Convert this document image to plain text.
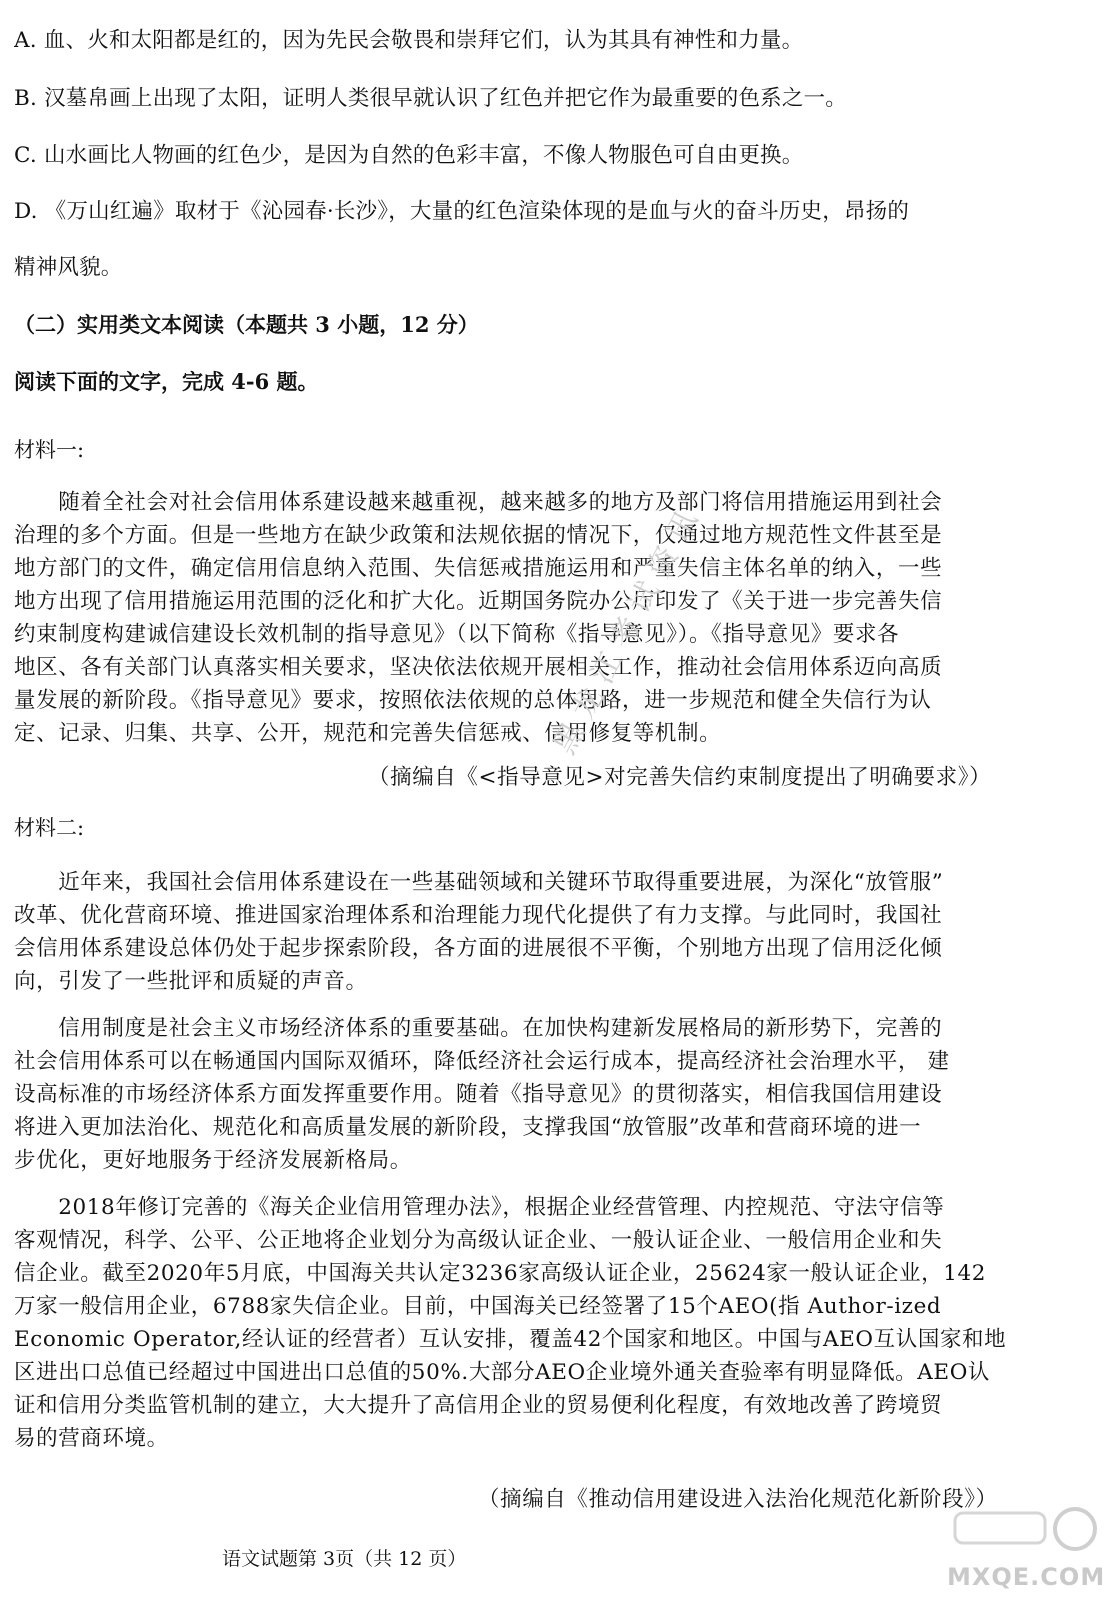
A. 血、火和太阳都是红的，因为先民会敬畏和崇拜它们，认为其具有神性和力量。
B. 汉墓帛画上出现了太阳，证明人类很早就认识了红色并把它作为最重要的色系之一。
C. 山水画比人物画的红色少，是因为自然的色彩丰富，不像人物服色可自由更换。
D. 《万山红遍》取材于《沁园春·长沙》，大量的红色渲染体现的是血与火的奋斗历史，昂扬的
精神风貌。
（二）实用类文本阅读（本题共 3 小题，12 分）
阅读下面的文字，完成 4-6 题。
材料一:
　　随着全社会对社会信用体系建设越来越重视，越来越多的地方及部门将信用措施运用到社会
治理的多个方面。但是一些地方在缺少政策和法规依据的情况下，仅通过地方规范性文件甚至是
地方部门的文件，确定信用信息纳入范围、失信惩戒措施运用和严重失信主体名单的纳入，一些
地方出现了信用措施运用范围的泛化和扩大化。近期国务院办公厅印发了《关于进一步完善失信
约束制度构建诚信建设长效机制的指导意见》（以下简称《指导意见》）。《指导意见》要求各
地区、各有关部门认真落实相关要求，坚决依法依规开展相关工作，推动社会信用体系迈向高质
量发展的新阶段。《指导意见》要求，按照依法依规的总体思路，进一步规范和健全失信行为认
定、记录、归集、共享、公开，规范和完善失信惩戒、信用修复等机制。
（摘编自《<指导意见>对完善失信约束制度提出了明确要求》）
材料二:
　　近年来，我国社会信用体系建设在一些基础领域和关键环节取得重要进展，为深化“放管服”
改革、优化营商环境、推进国家治理体系和治理能力现代化提供了有力支撑。与此同时，我国社
会信用体系建设总体仍处于起步探索阶段，各方面的进展很不平衡，个别地方出现了信用泛化倾
向，引发了一些批评和质疑的声音。
　　信用制度是社会主义市场经济体系的重要基础。在加快构建新发展格局的新形势下，完善的
社会信用体系可以在畅通国内国际双循环，降低经济社会运行成本，提高经济社会治理水平， 建
设高标准的市场经济体系方面发挥重要作用。随着《指导意见》的贯彻落实，相信我国信用建设
将进入更加法治化、规范化和高质量发展的新阶段，支撑我国“放管服”改革和营商环境的进一
步优化，更好地服务于经济发展新格局。
　　2018年修订完善的《海关企业信用管理办法》，根据企业经营管理、内控规范、守法守信等
客观情况，科学、公平、公正地将企业划分为高级认证企业、一般认证企业、一般信用企业和失
信企业。截至2020年5月底，中国海关共认定3236家高级认证企业，25624家一般认证企业，142
万家一般信用企业，6788家失信企业。目前，中国海关已经签署了15个AEO(指 Author-ized
Economic Operator,经认证的经营者）互认安排，覆盖42个国家和地区。中国与AEO互认国家和地
区进出口总值已经超过中国进出口总值的50%.大部分AEO企业境外通关查验率有明显降低。AEO认
证和信用分类监管机制的建立，大大提升了高信用企业的贸易便利化程度，有效地改善了跨境贸
易的营商环境。
（摘编自《推动信用建设进入法治化规范化新阶段》）
语文试题第 3页（共 12 页）
黑龙江考试资讯
MXQE.COM
